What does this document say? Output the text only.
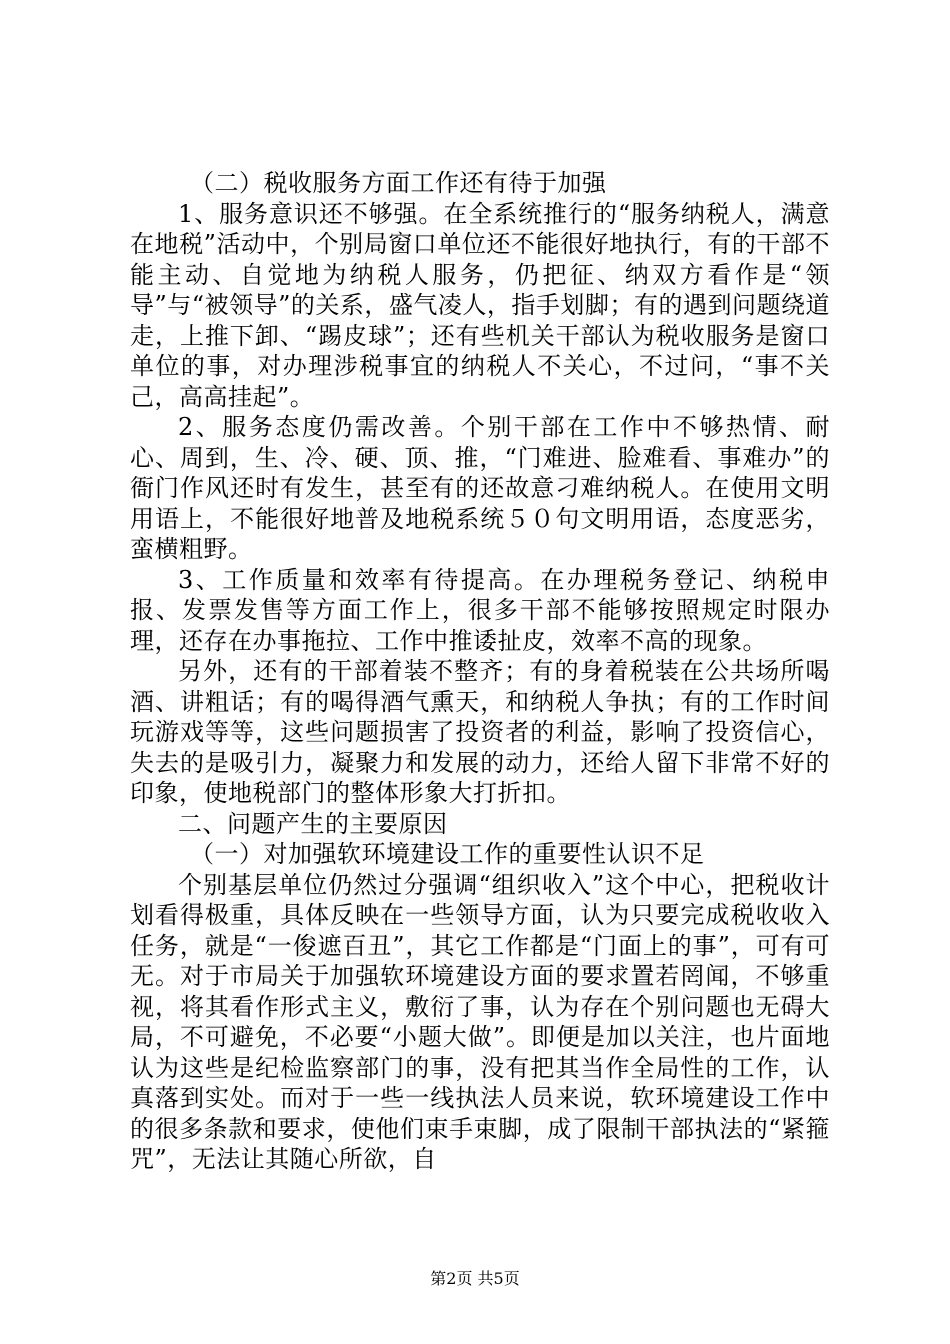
（二）税收服务方面工作还有待于加强

1、服务意识还不够强。在全系统推行的“服务纳税人，满意在地税”活动中，个别局窗口单位还不能很好地执行，有的干部不能主动、自觉地为纳税人服务，仍把征、纳双方看作是“领导”与“被领导”的关系，盛气凌人，指手划脚；有的遇到问题绕道走，上推下卸、“踢皮球”；还有些机关干部认为税收服务是窗口单位的事，对办理涉税事宜的纳税人不关心，不过问，“事不关己，高高挂起”。

2、服务态度仍需改善。个别干部在工作中不够热情、耐心、周到，生、冷、硬、顶、推，“门难进、脸难看、事难办”的衙门作风还时有发生，甚至有的还故意刁难纳税人。在使用文明用语上，不能很好地普及地税系统５０句文明用语，态度恶劣，蛮横粗野。

3、工作质量和效率有待提高。在办理税务登记、纳税申报、发票发售等方面工作上，很多干部不能够按照规定时限办理，还存在办事拖拉、工作中推诿扯皮，效率不高的现象。

另外，还有的干部着装不整齐；有的身着税装在公共场所喝酒、讲粗话；有的喝得酒气熏天，和纳税人争执；有的工作时间玩游戏等等，这些问题损害了投资者的利益，影响了投资信心，失去的是吸引力，凝聚力和发展的动力，还给人留下非常不好的印象，使地税部门的整体形象大打折扣。

二、问题产生的主要原因

（一）对加强软环境建设工作的重要性认识不足

个别基层单位仍然过分强调“组织收入”这个中心，把税收计划看得极重，具体反映在一些领导方面，认为只要完成税收收入任务，就是“一俊遮百丑”，其它工作都是“门面上的事”，可有可无。对于市局关于加强软环境建设方面的要求置若罔闻，不够重视，将其看作形式主义，敷衍了事，认为存在个别问题也无碍大局，不可避免，不必要“小题大做”。即便是加以关注，也片面地认为这些是纪检监察部门的事，没有把其当作全局性的工作，认真落到实处。而对于一些一线执法人员来说，软环境建设工作中的很多条款和要求，使他们束手束脚，成了限制干部执法的“紧箍咒”，无法让其随心所欲，自

第2页 共5页
